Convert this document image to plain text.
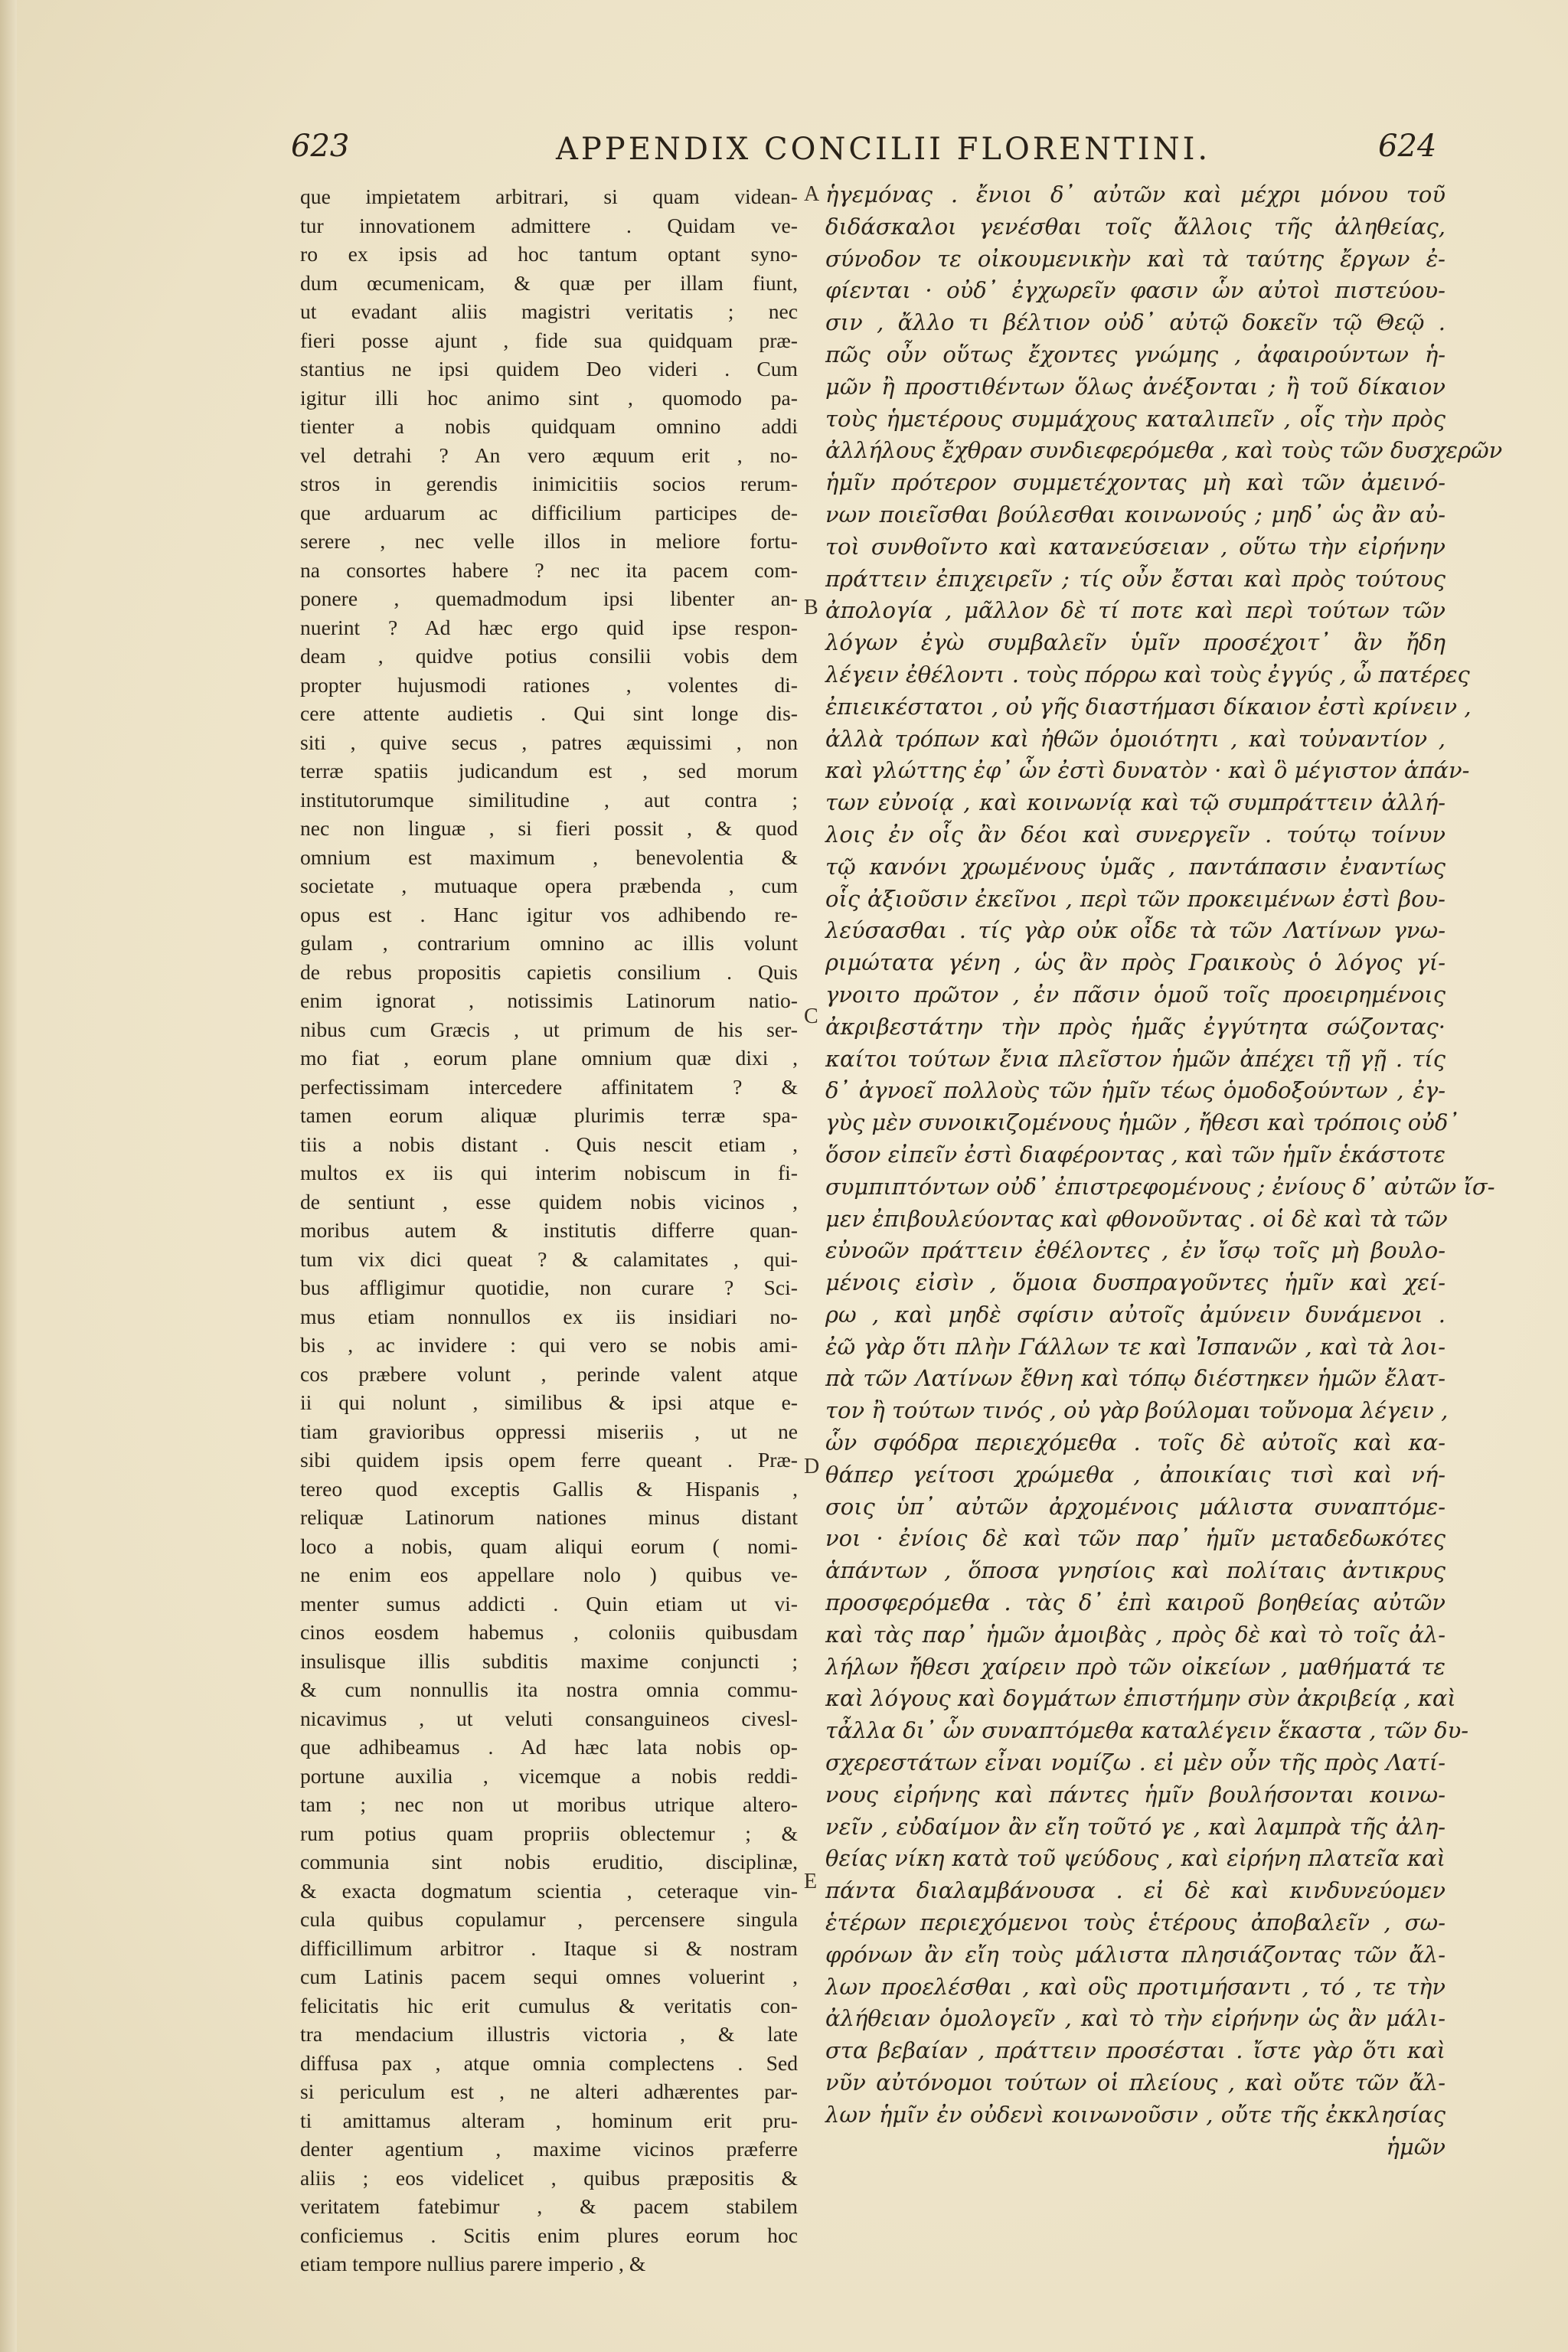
623	APPENDIX CONCILII FLORENTINI.	624
que impietatem arbitrari, si quam videan-
tur innovationem admittere . Quidam ve-
ro ex ipsis ad hoc tantum optant syno-
dum œcumenicam, & quæ per illam fiunt,
ut evadant aliis magistri veritatis ; nec
fieri posse ajunt , fide sua quidquam præ-
stantius ne ipsi quidem Deo videri . Cum
igitur illi hoc animo sint , quomodo pa-
tienter a nobis quidquam omnino addi
vel detrahi ? An vero æquum erit , no-
stros in gerendis inimicitiis socios rerum-
que arduarum ac difficilium participes de-
serere , nec velle illos in meliore fortu-
na consortes habere ? nec ita pacem com-
ponere , quemadmodum ipsi libenter an-
nuerint ? Ad hæc ergo quid ipse respon-
deam , quidve potius consilii vobis dem
propter hujusmodi rationes , volentes di-
cere attente audietis . Qui sint longe dis-
siti , quive secus , patres æquissimi , non
terræ spatiis judicandum est , sed morum
institutorumque similitudine , aut contra ;
nec non linguæ , si fieri possit , & quod
omnium est maximum , benevolentia &
societate , mutuaque opera præbenda , cum
opus est . Hanc igitur vos adhibendo re-
gulam , contrarium omnino ac illis volunt
de rebus propositis capietis consilium . Quis
enim ignorat , notissimis Latinorum natio-
nibus cum Græcis , ut primum de his ser-
mo fiat , eorum plane omnium quæ dixi ,
perfectissimam intercedere affinitatem ? &
tamen eorum aliquæ plurimis terræ spa-
tiis a nobis distant . Quis nescit etiam ,
multos ex iis qui interim nobiscum in fi-
de sentiunt , esse quidem nobis vicinos ,
moribus autem & institutis differre quan-
tum vix dici queat ? & calamitates , qui-
bus affligimur quotidie, non curare ? Sci-
mus etiam nonnullos ex iis insidiari no-
bis , ac invidere : qui vero se nobis ami-
cos præbere volunt , perinde valent atque
ii qui nolunt , similibus & ipsi atque e-
tiam gravioribus oppressi miseriis , ut ne
sibi quidem ipsis opem ferre queant . Præ-
tereo quod exceptis Gallis & Hispanis ,
reliquæ Latinorum nationes minus distant
loco a nobis, quam aliqui eorum ( nomi-
ne enim eos appellare nolo ) quibus ve-
menter sumus addicti . Quin etiam ut vi-
cinos eosdem habemus , coloniis quibusdam
insulisque illis subditis maxime conjuncti ;
& cum nonnullis ita nostra omnia commu-
nicavimus , ut veluti consanguineos civesl-
que adhibeamus . Ad hæc lata nobis op-
portune auxilia , vicemque a nobis reddi-
tam ; nec non ut moribus utrique altero-
rum potius quam propriis oblectemur ; &
communia sint nobis eruditio, disciplinæ,
& exacta dogmatum scientia , ceteraque vin-
cula quibus copulamur , percensere singula
difficillimum arbitror . Itaque si & nostram
cum Latinis pacem sequi omnes voluerint ,
felicitatis hic erit cumulus & veritatis con-
tra mendacium illustris victoria , & late
diffusa pax , atque omnia complectens . Sed
si periculum est , ne alteri adhærentes par-
ti amittamus alteram , hominum erit pru-
denter agentium , maxime vicinos præferre
aliis ; eos videlicet , quibus præpositis &
veritatem fatebimur , & pacem stabilem
conficiemus . Scitis enim plures eorum hoc
etiam tempore nullius parere imperio , &
A
B
C
D
E
ἡγεμόνας . ἔνιοι δ᾽ αὐτῶν καὶ μέχρι μόνου τοῦ
διδάσκαλοι γενέσθαι τοῖς ἄλλοις τῆς ἀληθείας,
σύνοδον τε οἰκουμενικὴν καὶ τὰ ταύτης ἔργων ἐ-
φίενται · οὐδ᾽ ἐγχωρεῖν φασιν ὧν αὐτοὶ πιστεύου-
σιν , ἄλλο τι βέλτιον οὐδ᾽ αὐτῷ δοκεῖν τῷ Θεῷ .
πῶς οὖν οὕτως ἔχοντες γνώμης , ἀφαιρούντων ἡ-
μῶν ἢ προστιθέντων ὅλως ἀνέξονται ; ἢ τοῦ δίκαιον
τοὺς ἡμετέρους συμμάχους καταλιπεῖν , οἷς τὴν πρὸς
ἀλλήλους ἔχθραν συνδιεφερόμεθα , καὶ τοὺς τῶν δυσχερῶν
ἡμῖν πρότερον συμμετέχοντας μὴ καὶ τῶν ἀμεινό-
νων ποιεῖσθαι βούλεσθαι κοινωνούς ; μηδ᾽ ὡς ἂν αὐ-
τοὶ συνθοῖντο καὶ κατανεύσειαν , οὕτω τὴν εἰρήνην
πράττειν ἐπιχειρεῖν ; τίς οὖν ἔσται καὶ πρὸς τούτους
ἀπολογία , μᾶλλον δὲ τί ποτε καὶ περὶ τούτων τῶν
λόγων ἐγὼ συμβαλεῖν ὑμῖν προσέχοιτ᾽ ἂν ἤδη
λέγειν ἐθέλοντι . τοὺς πόρρω καὶ τοὺς ἐγγύς , ὦ πατέρες
ἐπιεικέστατοι , οὐ γῆς διαστήμασι δίκαιον ἐστὶ κρίνειν ,
ἀλλὰ τρόπων καὶ ἠθῶν ὁμοιότητι , καὶ τοὐναντίον ,
καὶ γλώττης ἐφ᾽ ὧν ἐστὶ δυνατὸν · καὶ ὃ μέγιστον ἁπάν-
των εὐνοίᾳ , καὶ κοινωνίᾳ καὶ τῷ συμπράττειν ἀλλή-
λοις ἐν οἷς ἂν δέοι καὶ συνεργεῖν . τούτῳ τοίνυν
τῷ κανόνι χρωμένους ὑμᾶς , παντάπασιν ἐναντίως
οἷς ἀξιοῦσιν ἐκεῖνοι , περὶ τῶν προκειμένων ἐστὶ βου-
λεύσασθαι . τίς γὰρ οὐκ οἶδε τὰ τῶν Λατίνων γνω-
ριμώτατα γένη , ὡς ἂν πρὸς Γραικοὺς ὁ λόγος γί-
γνοιτο πρῶτον , ἐν πᾶσιν ὁμοῦ τοῖς προειρημένοις
ἀκριβεστάτην τὴν πρὸς ἡμᾶς ἐγγύτητα σώζοντας·
καίτοι τούτων ἔνια πλεῖστον ἡμῶν ἀπέχει τῇ γῇ . τίς
δ᾽ ἀγνοεῖ πολλοὺς τῶν ἡμῖν τέως ὁμοδοξούντων , ἐγ-
γὺς μὲν συνοικιζομένους ἡμῶν , ἤθεσι καὶ τρόποις οὐδ᾽
ὅσον εἰπεῖν ἐστὶ διαφέροντας , καὶ τῶν ἡμῖν ἑκάστοτε
συμπιπτόντων οὐδ᾽ ἐπιστρεφομένους ; ἐνίους δ᾽ αὐτῶν ἴσ-
μεν ἐπιβουλεύοντας καὶ φθονοῦντας . οἱ δὲ καὶ τὰ τῶν
εὐνοῶν πράττειν ἐθέλοντες , ἐν ἴσῳ τοῖς μὴ βουλο-
μένοις εἰσὶν , ὅμοια δυσπραγοῦντες ἡμῖν καὶ χεί-
ρω , καὶ μηδὲ σφίσιν αὐτοῖς ἀμύνειν δυνάμενοι .
ἐῶ γὰρ ὅτι πλὴν Γάλλων τε καὶ Ἰσπανῶν , καὶ τὰ λοι-
πὰ τῶν Λατίνων ἔθνη καὶ τόπῳ διέστηκεν ἡμῶν ἔλατ-
τον ἢ τούτων τινός , οὐ γὰρ βούλομαι τοὔνομα λέγειν ,
ὧν σφόδρα περιεχόμεθα . τοῖς δὲ αὐτοῖς καὶ κα-
θάπερ γείτοσι χρώμεθα , ἀποικίαις τισὶ καὶ νή-
σοις ὑπ᾽ αὐτῶν ἀρχομένοις μάλιστα συναπτόμε-
νοι · ἐνίοις δὲ καὶ τῶν παρ᾽ ἡμῖν μεταδεδωκότες
ἁπάντων , ὅποσα γνησίοις καὶ πολίταις ἀντικρυς
προσφερόμεθα . τὰς δ᾽ ἐπὶ καιροῦ βοηθείας αὐτῶν
καὶ τὰς παρ᾽ ἡμῶν ἀμοιβὰς , πρὸς δὲ καὶ τὸ τοῖς ἀλ-
λήλων ἤθεσι χαίρειν πρὸ τῶν οἰκείων , μαθήματά τε
καὶ λόγους καὶ δογμάτων ἐπιστήμην σὺν ἀκριβείᾳ , καὶ
τἆλλα δι᾽ ὧν συναπτόμεθα καταλέγειν ἕκαστα , τῶν δυ-
σχερεστάτων εἶναι νομίζω . εἰ μὲν οὖν τῆς πρὸς Λατί-
νους εἰρήνης καὶ πάντες ἡμῖν βουλήσονται κοινω-
νεῖν , εὐδαίμον ἂν εἴη τοῦτό γε , καὶ λαμπρὰ τῆς ἀλη-
θείας νίκη κατὰ τοῦ ψεύδους , καὶ εἰρήνη πλατεῖα καὶ
πάντα διαλαμβάνουσα . εἰ δὲ καὶ κινδυνεύομεν
ἑτέρων περιεχόμενοι τοὺς ἑτέρους ἀποβαλεῖν , σω-
φρόνων ἂν εἴη τοὺς μάλιστα πλησιάζοντας τῶν ἄλ-
λων προελέσθαι , καὶ οὓς προτιμήσαντι , τό , τε τὴν
ἀλήθειαν ὁμολογεῖν , καὶ τὸ τὴν εἰρήνην ὡς ἂν μάλι-
στα βεβαίαν , πράττειν προσέσται . ἴστε γὰρ ὅτι καὶ
νῦν αὐτόνομοι τούτων οἱ πλείους , καὶ οὔτε τῶν ἄλ-
λων ἡμῖν ἐν οὐδενὶ κοινωνοῦσιν , οὔτε τῆς ἐκκλησίας
ἡμῶν
